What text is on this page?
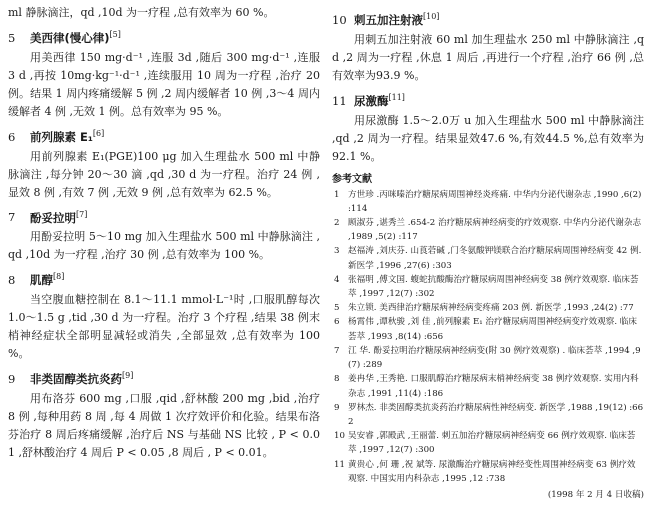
ml 静脉滴注，qd ,10d 为一疗程 ,总有效率为 60 %。

5 美西律(慢心律)[5]

用美西律 150 mg·d⁻¹ ,连服 3d ,随后 300 mg·d⁻¹ ,连服 3 d ,再按 10mg·kg⁻¹·d⁻¹ ,连续服用 10 周为一疗程 ,治疗 20 例。结果 1 周内疼痛缓解 5 例 ,2 周内缓解者 10 例 ,3～4 周内缓解者 4 例 ,无效 1 例。总有效率为 95 %。

6 前列腺素 E₁[6]

用前列腺素 E₁(PGE)100 μg 加入生理盐水 500 ml 中静脉滴注 ,每分钟 20～30 滴 ,qd ,30 d 为一疗程。治疗 24 例 ,显效 8 例 ,有效 7 例 ,无效 9 例 ,总有效率为 62.5 %。

7 酚妥拉明[7]

用酚妥拉明 5～10 mg 加入生理盐水 500 ml 中静脉滴注 ,qd ,10d 为一疗程 ,治疗 30 例 ,总有效率为 100 %。

8 肌醇[8]

当空腹血糖控制在 8.1～11.1 mmol·L⁻¹时 ,口服肌醇每次 1.0～1.5 g ,tid ,30 d 为一疗程。治疗 3 个疗程 ,结果 38 例末梢神经症状全部明显减轻或消失 ,全部显效 ,总有效率为 100 %。

9 非类固醇类抗炎药[9]

用布洛芬 600 mg ,口服 ,qid ,舒林酸 200 mg ,bid ,治疗 8 例 ,每种用药 8 周 ,每 4 周做 1 次疗效评价和化验。结果布洛芬治疗 8 周后疼痛缓解 ,治疗后 NS 与基础 NS 比较 , P < 0.01 ,舒林酸治疗 4 周后 P < 0.05 ,8 周后 , P < 0.01。

10 刺五加注射液[10]

用刺五加注射液 60 ml 加生理盐水 250 ml 中静脉滴注 ,qd ,2 周为一疗程 ,休息 1 周后 ,再进行一个疗程 ,治疗 66 例 ,总有效率为93.9 %。

11 尿激酶[11]

用尿激酶 1.5～2.0万 u 加入生理盐水 500 ml 中静脉滴注 ,qd ,2 周为一疗程。结果显效47.6 %,有效44.5 %,总有效率为92.1 %。

参考文献
1 方世珍 .丙咪嗪治疗糖尿病周围神经炎疼痛. 中华内分泌代谢杂志 ,1990 ,6(2) :114
2 顾淑芬 ,谌秀兰 .654-2 治疗糖尿病神经病变的疗效观察. 中华内分泌代谢杂志 ,1989 ,5(2) :117
3 赵福涛 ,刘庆芬. 山莨菪碱 ,门冬氨酸钾镁联合治疗糖尿病周围神经病变 42 例. 新医学 ,1996 ,27(6) :303
4 张福明 ,傅文国. 蝮蛇抗酸酶治疗糖尿病周围神经病变 38 例疗效观察. 临床荟萃 ,1997 ,12(7) :302
5 朱立锁. 美西律治疗糖尿病神经病变疼痛 203 例. 新医学 ,1993 ,24(2) :77
6 杨霄伟 ,谭秋骏 ,刘 佳 ,前列腺素 E₁ 治疗糖尿病周围神经病变疗效观察. 临床荟萃 ,1993 ,8(14) :656
7 江 华. 酚妥拉明治疗糖尿病神经病变(附 30 例疗效观察) . 临床荟萃 ,1994 ,9(7) :289
8 姜冉华 ,王秀艳. 口服肌醇治疗糖尿病末梢神经病变 38 例疗效观察. 实用内科杂志 ,1991 ,11(4) :186
9 罗林杰. 非类固醇类抗炎药治疗糖尿病性神经病变. 新医学 ,1988 ,19(12) :662
10 吴安睿 ,郭殿武 ,王丽蕾. 刺五加治疗糖尿病神经病变 66 例疗效观察. 临床荟萃 ,1997 ,12(7) :300
11 黄贵心 ,何 珊 ,祝 斌等. 尿激酶治疗糖尿病神经变性周围神经病变 63 例疗效观察. 中国实用内科杂志 ,1995 ,12 :738
(1998 年 2 月 4 日收稿)
